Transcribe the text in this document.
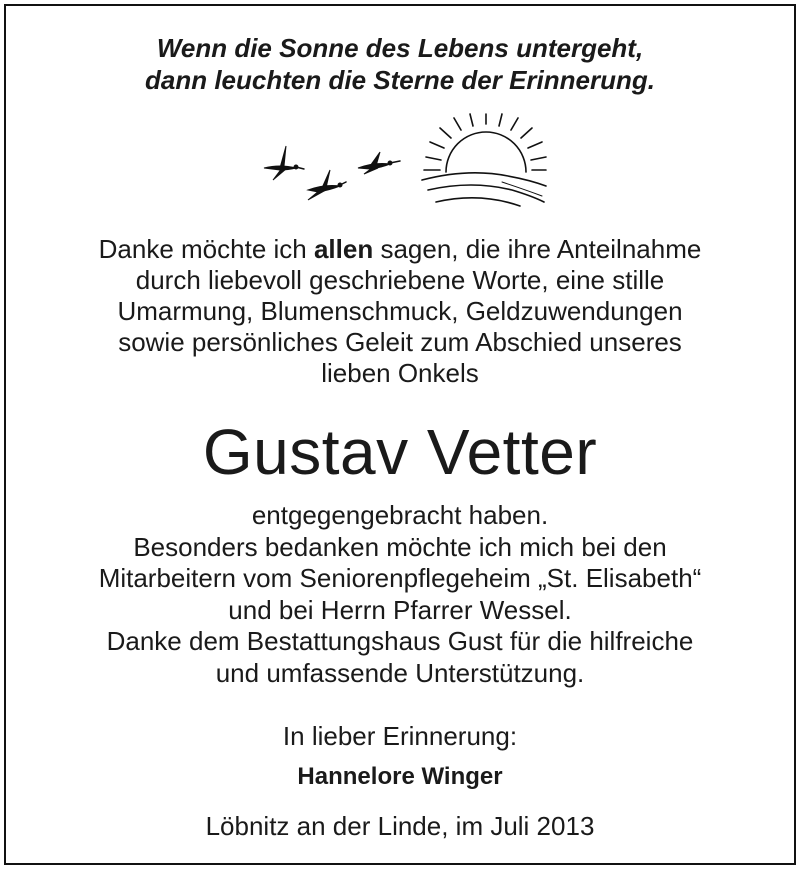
Wenn die Sonne des Lebens untergeht,
dann leuchten die Sterne der Erinnerung.
Danke möchte ich allen sagen, die ihre Anteilnahme
durch liebevoll geschriebene Worte, eine stille
Umarmung, Blumenschmuck, Geldzuwendungen
sowie persönliches Geleit zum Abschied unseres
lieben Onkels
Gustav Vetter
entgegengebracht haben.
Besonders bedanken möchte ich mich bei den
Mitarbeitern vom Seniorenpflegeheim „St. Elisabeth“
und bei Herrn Pfarrer Wessel.
Danke dem Bestattungshaus Gust für die hilfreiche
und umfassende Unterstützung.
In lieber Erinnerung:
Hannelore Winger
Löbnitz an der Linde, im Juli 2013
